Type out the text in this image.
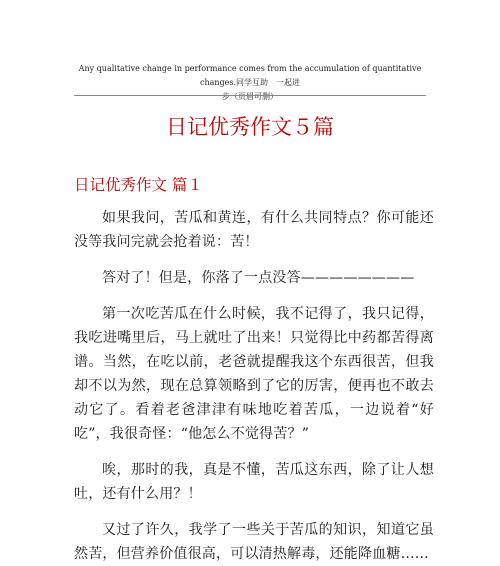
Any qualitative change in performance comes from the accumulation of quantitative changes.同学互助　一起进
步（页眉可删）
日记优秀作文５篇
日记优秀作文 篇１

如果我问，苦瓜和黄连，有什么共同特点？你可能还没等我问完就会抢着说：苦！

答对了！但是，你落了一点没答————————

第一次吃苦瓜在什么时候，我不记得了，我只记得，我吃进嘴里后，马上就吐了出来！只觉得比中药都苦得离谱。当然，在吃以前，老爸就提醒我这个东西很苦，但我却不以为然，现在总算领略到了它的厉害，便再也不敢去动它了。看着老爸津津有味地吃着苦瓜，一边说着“好吃”，我很奇怪：“他怎么不觉得苦？”

唉，那时的我，真是不懂，苦瓜这东西，除了让人想吐，还有什么用？！

又过了许久，我学了一些关于苦瓜的知识，知道它虽然苦，但营养价值很高，可以清热解毒，还能降血糖……
